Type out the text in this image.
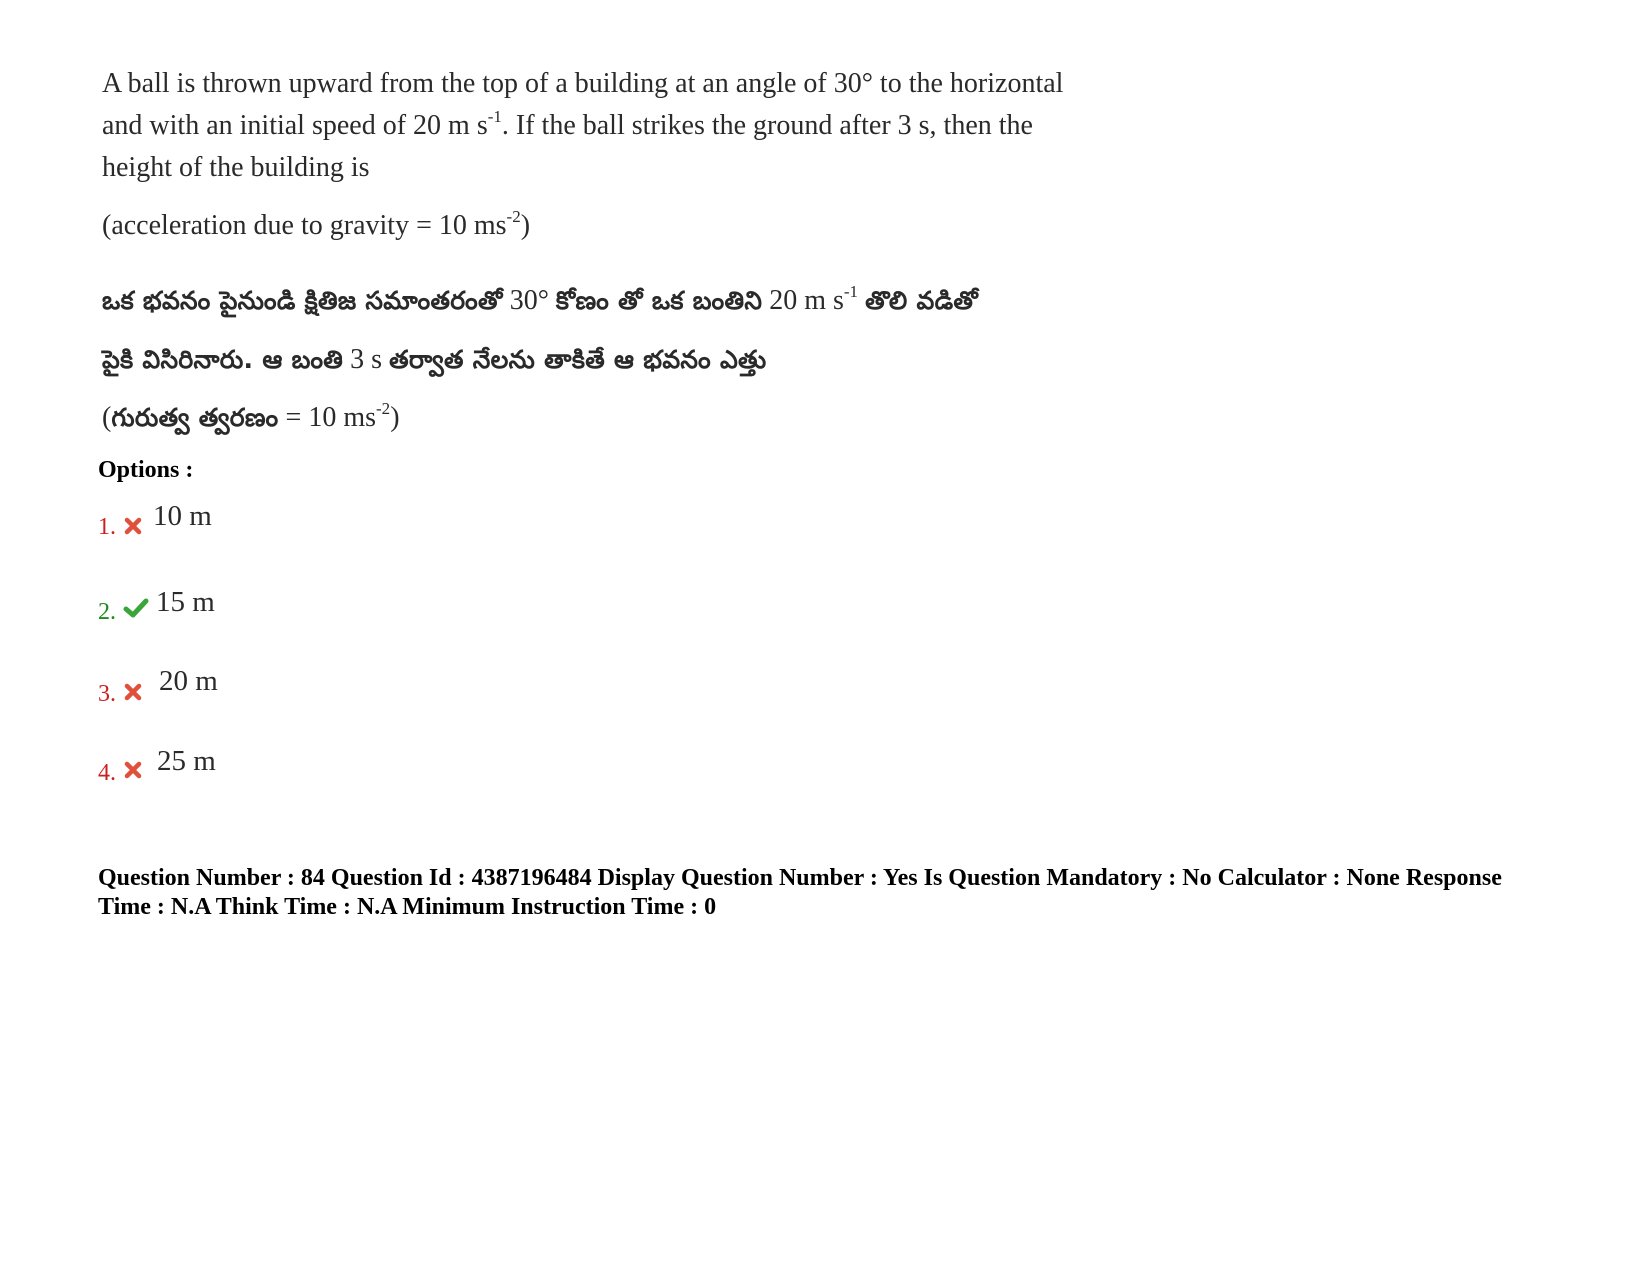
A ball is thrown upward from the top of a building at an angle of 30° to the horizontal
and with an initial speed of 20 m $s^{-1}$. If the ball strikes the ground after 3 s, then the
height of the building is
(acceleration due to gravity = 10 $ms^{-2}$)
ఒక భవనం పైనుండి క్షితిజ సమాంతరంతో 30° కోణం తో ఒక బంతిని 20 m $s^{-1}$ తొలి వడితో
పైకి విసిరినారు. ఆ బంతి 3 s తర్వాత నేలను తాకితే ఆ భవనం ఎత్తు
(గురుత్వ త్వరణం = 10 $ms^{-2}$)
Options :
1. 10 m
2. 15 m
3. 20 m
4. 25 m
Question Number : 84 Question Id : 4387196484 Display Question Number : Yes Is Question Mandatory : No Calculator : None Response
Time : N.A Think Time : N.A Minimum Instruction Time : 0
